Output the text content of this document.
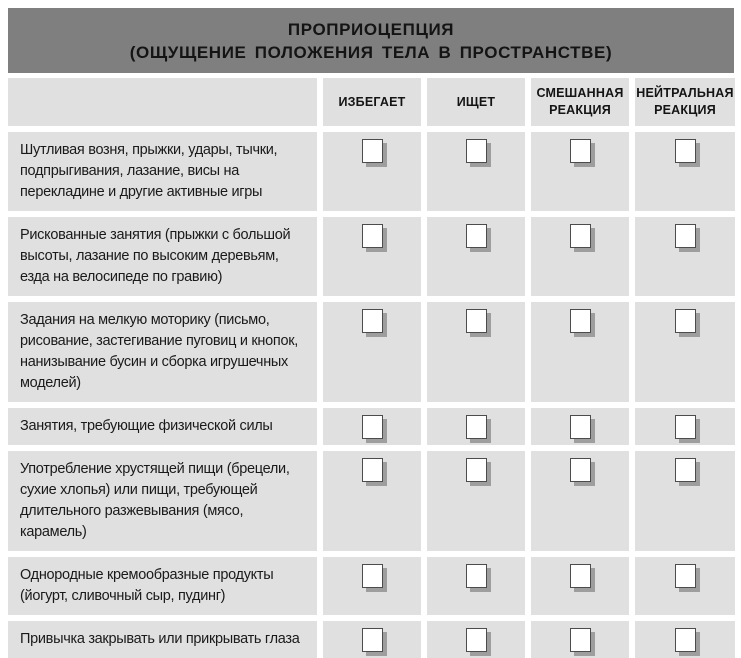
ПРОПРИОЦЕПЦИЯ
(ОЩУЩЕНИЕ ПОЛОЖЕНИЯ ТЕЛА В ПРОСТРАНСТВЕ)
ИЗБЕГАЕТ	ИЩЕТ
СМЕШАННАЯ РЕАКЦИЯ
НЕЙТРАЛЬНАЯ РЕАКЦИЯ
Шутливая возня, прыжки, удары, тычки, подпрыгивания, лазание, висы на перекладине и другие активные игры
Рискованные занятия (прыжки с большой высоты, лазание по высоким деревьям, езда на велосипеде по гравию)
Задания на мелкую моторику (письмо, рисование, застегивание пуговиц и кнопок, нанизывание бусин и сборка игрушечных моделей)
Занятия, требующие физической силы
Употребление хрустящей пищи (брецели, сухие хлопья) или пищи, требующей длительного разжевывания (мясо, карамель)
Однородные кремообразные продукты (йогурт, сливочный сыр, пудинг)
Привычка закрывать или прикрывать глаза
